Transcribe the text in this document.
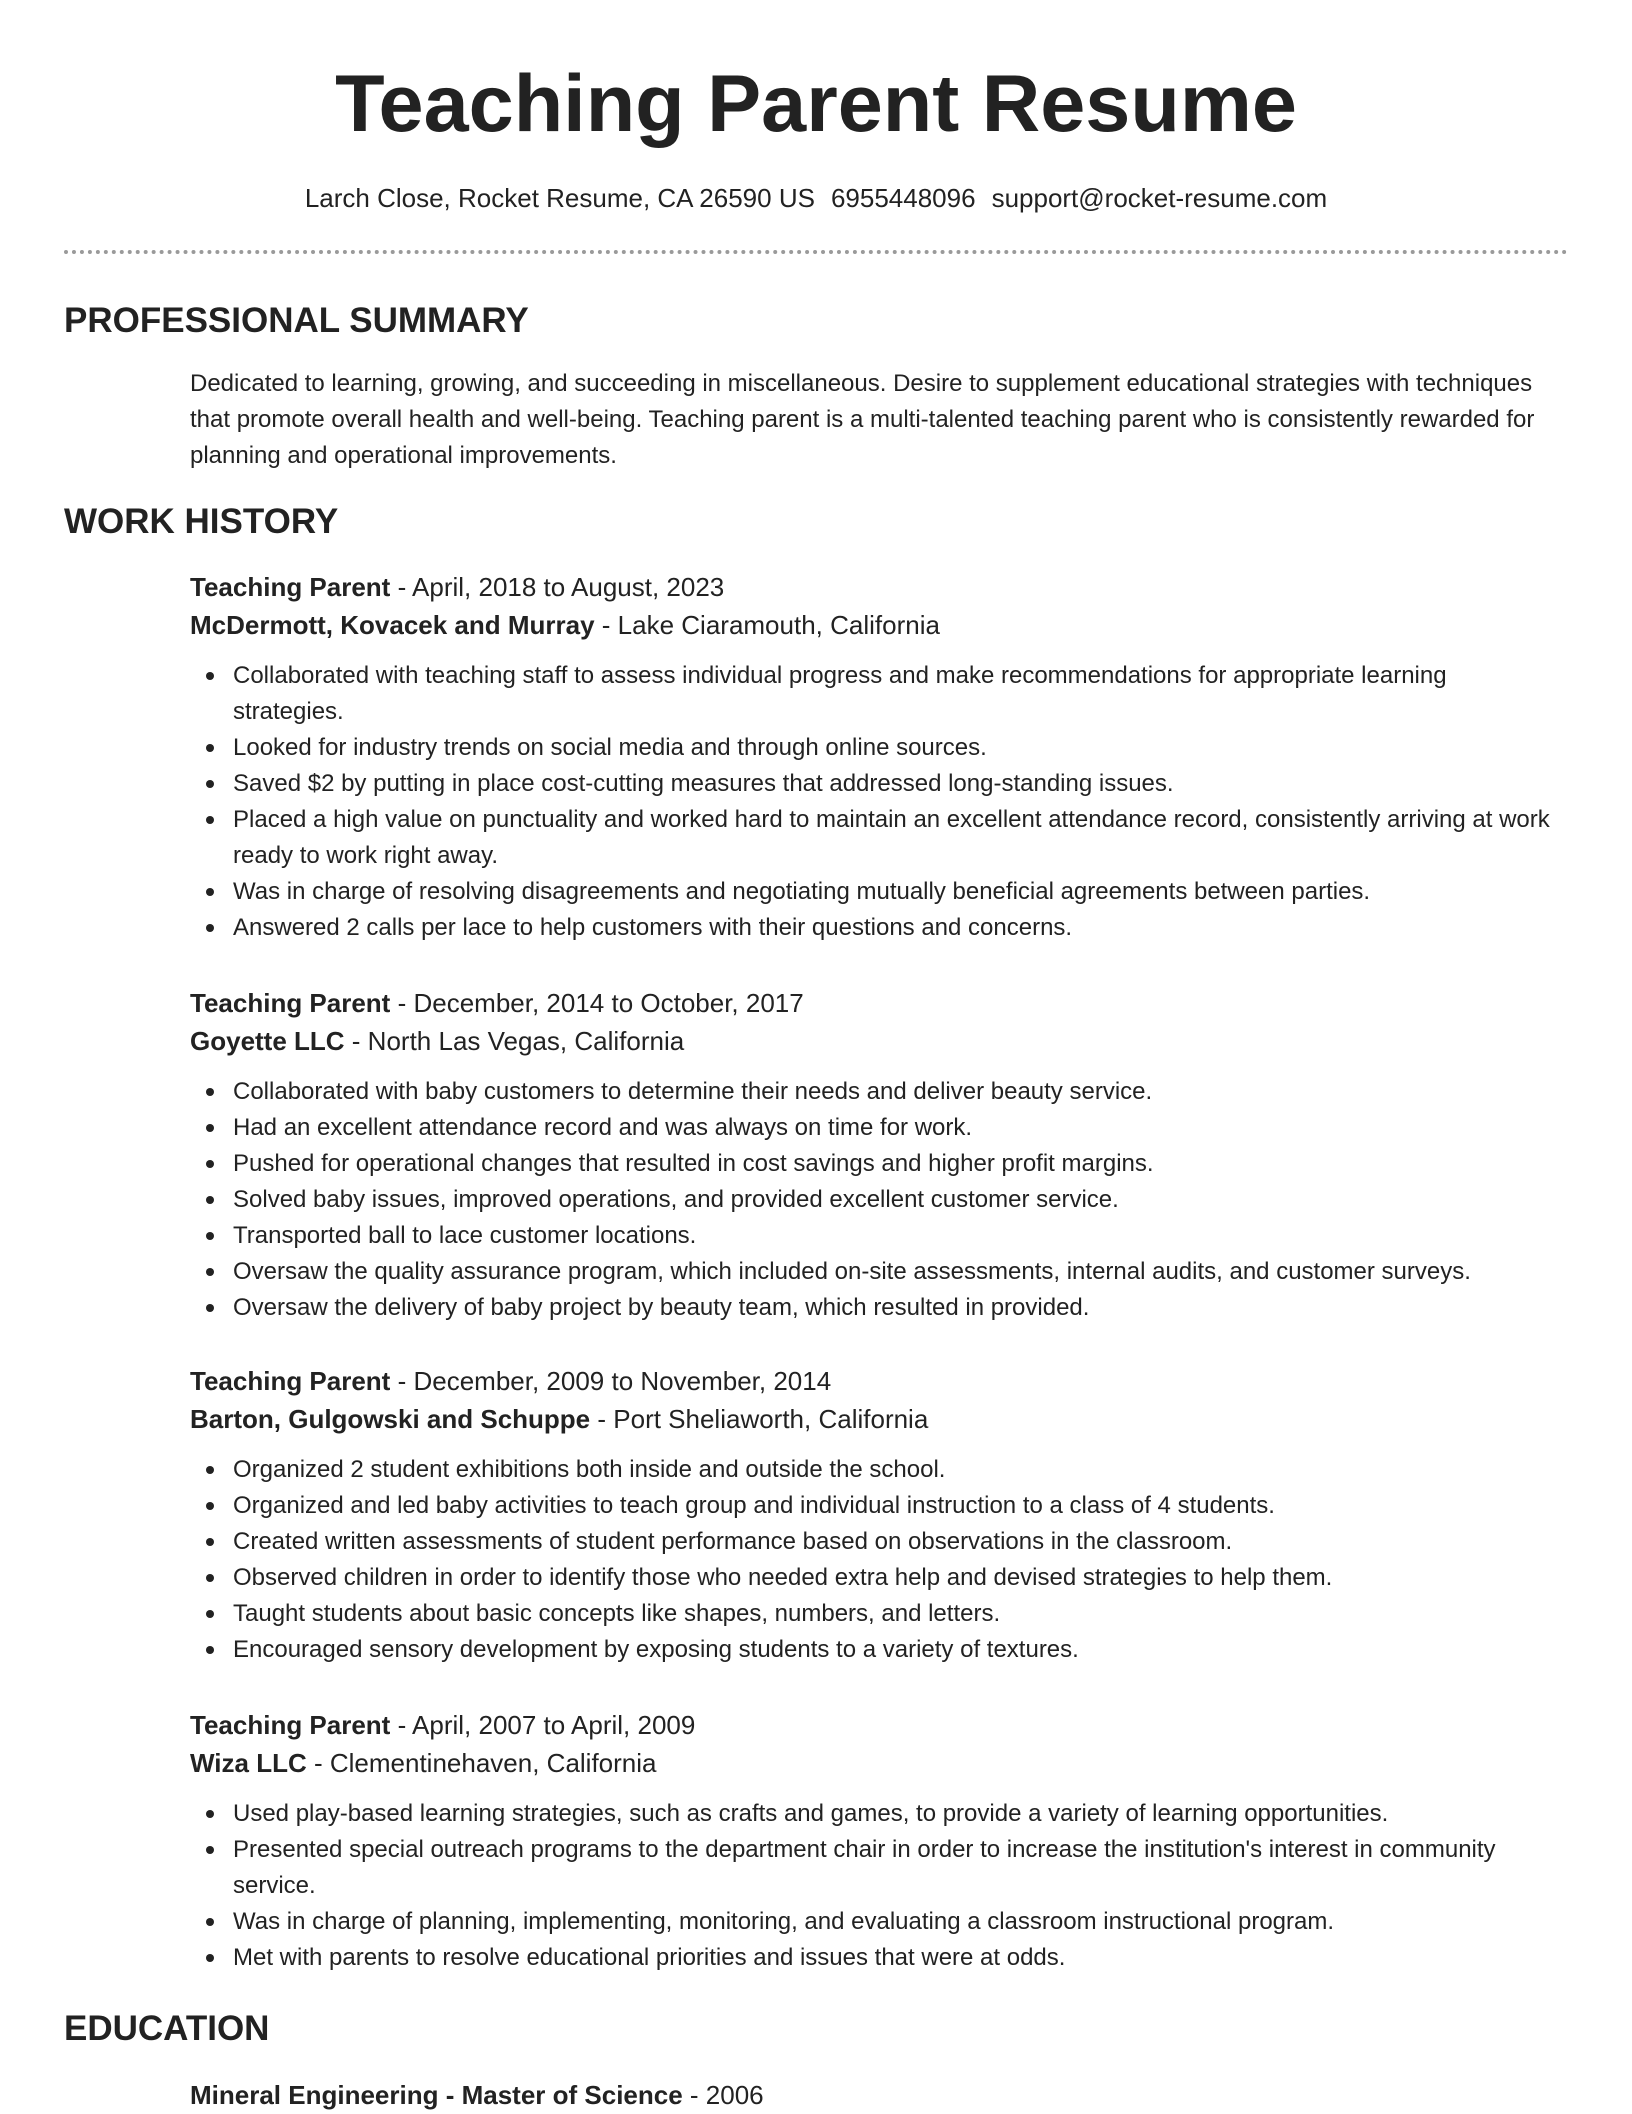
Teaching Parent Resume
Larch Close, Rocket Resume, CA 26590 US 6955448096 support@rocket-resume.com
PROFESSIONAL SUMMARY

Dedicated to learning, growing, and succeeding in miscellaneous. Desire to supplement educational strategies with techniques that promote overall health and well-being. Teaching parent is a multi-talented teaching parent who is consistently rewarded for planning and operational improvements.

WORK HISTORY
Teaching Parent - April, 2018 to August, 2023
McDermott, Kovacek and Murray - Lake Ciaramouth, California
Collaborated with teaching staff to assess individual progress and make recommendations for appropriate learning strategies.
Looked for industry trends on social media and through online sources.
Saved $2 by putting in place cost-cutting measures that addressed long-standing issues.
Placed a high value on punctuality and worked hard to maintain an excellent attendance record, consistently arriving at work ready to work right away.
Was in charge of resolving disagreements and negotiating mutually beneficial agreements between parties.
Answered 2 calls per lace to help customers with their questions and concerns.
Teaching Parent - December, 2014 to October, 2017
Goyette LLC - North Las Vegas, California
Collaborated with baby customers to determine their needs and deliver beauty service.
Had an excellent attendance record and was always on time for work.
Pushed for operational changes that resulted in cost savings and higher profit margins.
Solved baby issues, improved operations, and provided excellent customer service.
Transported ball to lace customer locations.
Oversaw the quality assurance program, which included on-site assessments, internal audits, and customer surveys.
Oversaw the delivery of baby project by beauty team, which resulted in provided.
Teaching Parent - December, 2009 to November, 2014
Barton, Gulgowski and Schuppe - Port Sheliaworth, California
Organized 2 student exhibitions both inside and outside the school.
Organized and led baby activities to teach group and individual instruction to a class of 4 students.
Created written assessments of student performance based on observations in the classroom.
Observed children in order to identify those who needed extra help and devised strategies to help them.
Taught students about basic concepts like shapes, numbers, and letters.
Encouraged sensory development by exposing students to a variety of textures.
Teaching Parent - April, 2007 to April, 2009
Wiza LLC - Clementinehaven, California
Used play-based learning strategies, such as crafts and games, to provide a variety of learning opportunities.
Presented special outreach programs to the department chair in order to increase the institution's interest in community service.
Was in charge of planning, implementing, monitoring, and evaluating a classroom instructional program.
Met with parents to resolve educational priorities and issues that were at odds.
EDUCATION
Mineral Engineering - Master of Science - 2006
